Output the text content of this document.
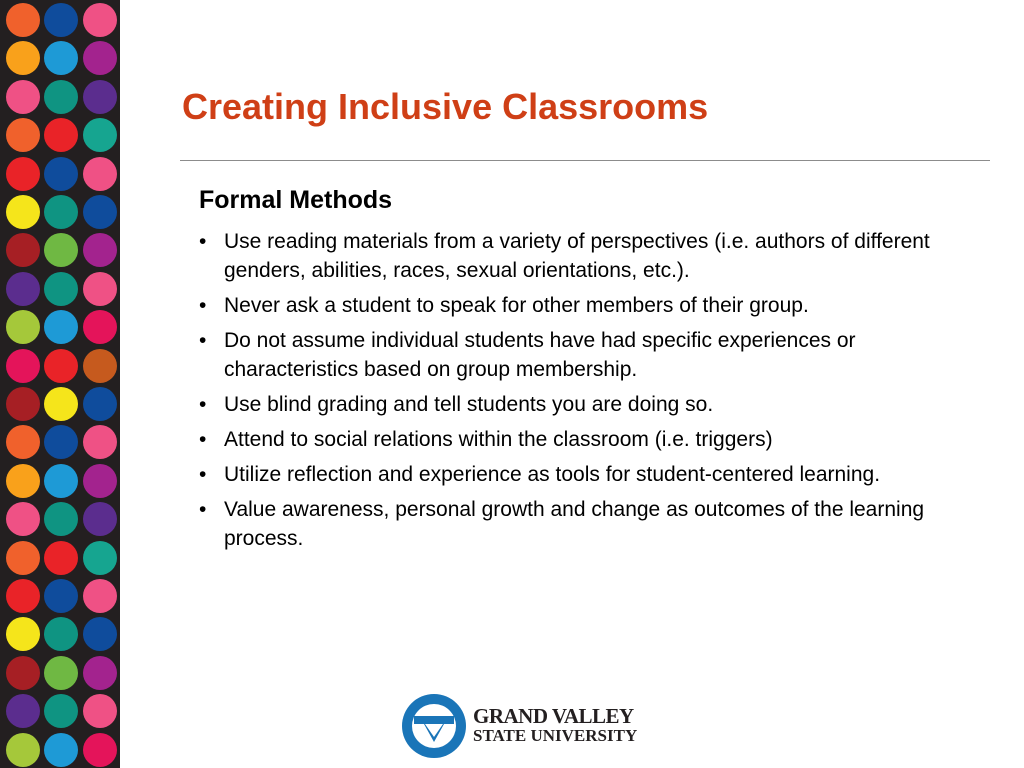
Creating Inclusive Classrooms
Formal Methods
• Use reading materials from a variety of perspectives (i.e. authors of different genders, abilities, races, sexual orientations, etc.).
• Never ask a student to speak for other members of their group.
• Do not assume individual students have had specific experiences or characteristics based on group membership.
• Use blind grading and tell students you are doing so.
• Attend to social relations within the classroom (i.e. triggers)
• Utilize reflection and experience as tools for student-centered learning.
• Value awareness, personal growth and change as outcomes of the learning process.
GRAND VALLEY
STATE UNIVERSITY
